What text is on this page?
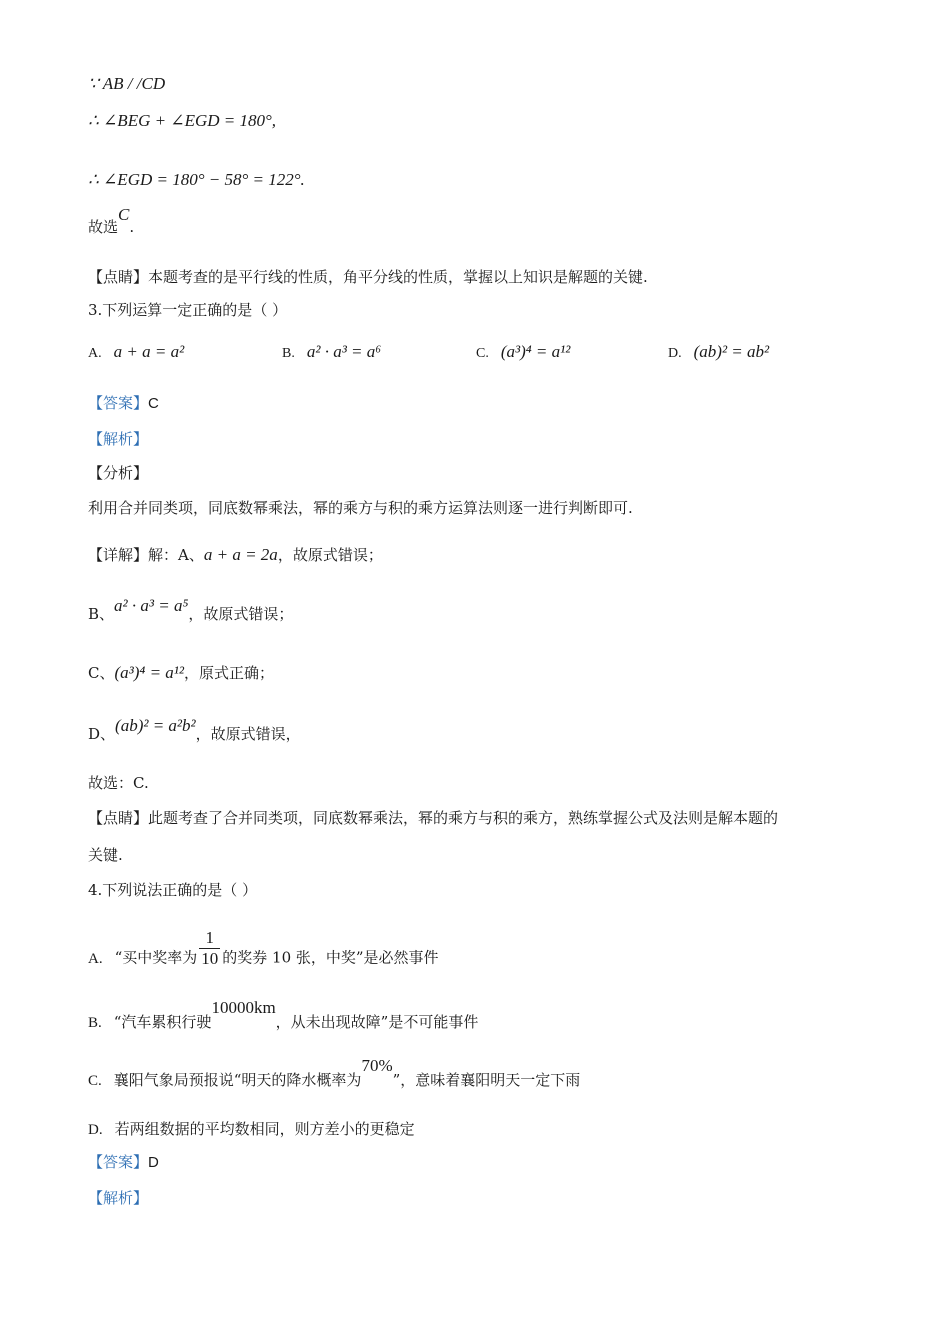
∵ AB / /CD
∴ ∠BEG + ∠EGD = 180°,
∴ ∠EGD = 180° − 58° = 122°.
故选C.
【点睛】本题考查的是平行线的性质，角平分线的性质，掌握以上知识是解题的关键.
3.下列运算一定正确的是（ ）
A. a + a = a²	B. a² · a³ = a⁶	C. (a³)⁴ = a¹²	D. (ab)² = ab²
【答案】C
【解析】
【分析】
利用合并同类项，同底数幂乘法，幂的乘方与积的乘方运算法则逐一进行判断即可.
【详解】解：A、a + a = 2a，故原式错误；
B、a² · a³ = a⁵，故原式错误；
C、(a³)⁴ = a¹²，原式正确；
D、(ab)² = a²b²，故原式错误，
故选：C.
【点睛】此题考查了合并同类项，同底数幂乘法，幂的乘方与积的乘方，熟练掌握公式及法则是解本题的
关键.
4.下列说法正确的是（ ）
A. “买中奖率为 $\frac{1}{10}$ 的奖券 10 张，中奖”是必然事件
B. “汽车累积行驶10000km，从未出现故障”是不可能事件
C. 襄阳气象局预报说“明天的降水概率为70%”，意味着襄阳明天一定下雨
D. 若两组数据的平均数相同，则方差小的更稳定
【答案】D
【解析】
